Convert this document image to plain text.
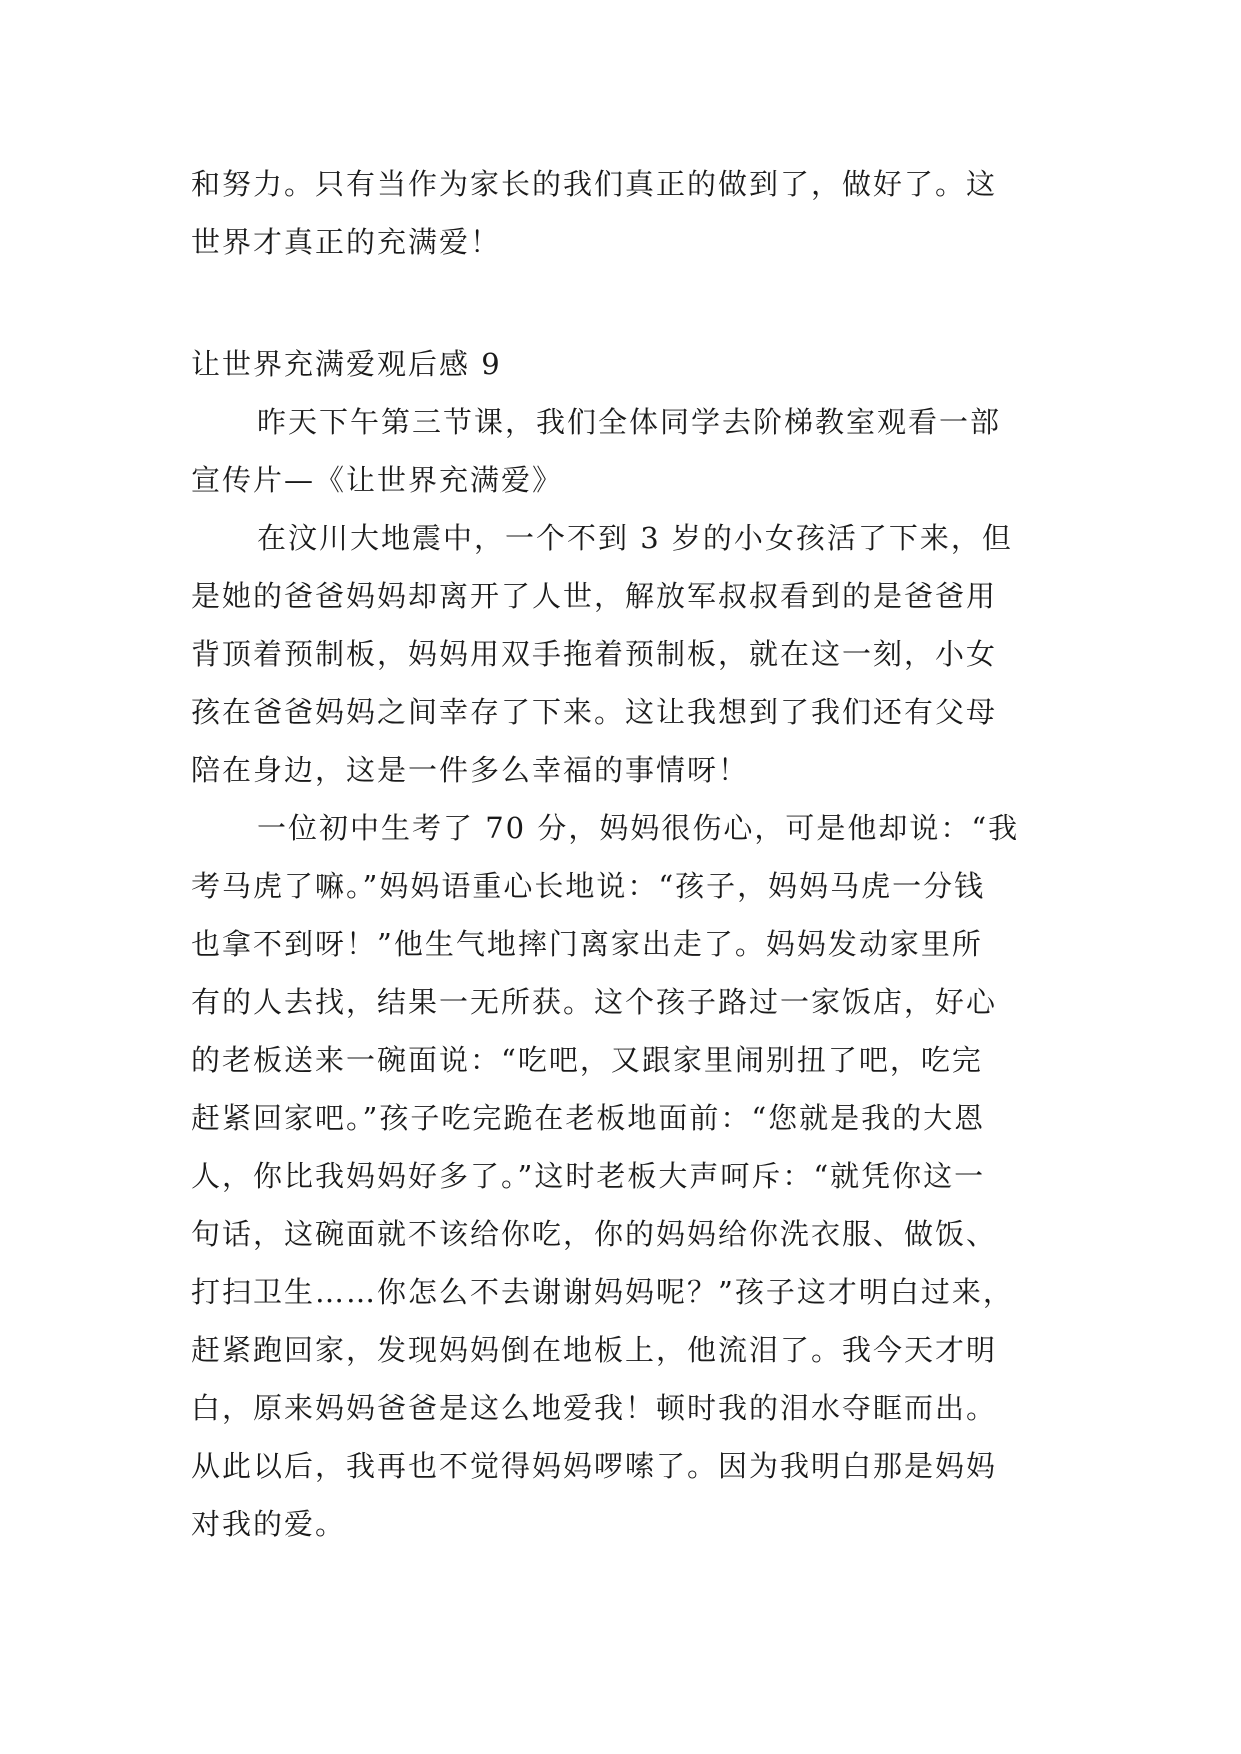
和努力。只有当作为家长的我们真正的做到了，做好了。这
世界才真正的充满爱！
让世界充满爱观后感 9
昨天下午第三节课，我们全体同学去阶梯教室观看一部
宣传片—《让世界充满爱》
在汶川大地震中，一个不到 3 岁的小女孩活了下来，但
是她的爸爸妈妈却离开了人世，解放军叔叔看到的是爸爸用
背顶着预制板，妈妈用双手拖着预制板，就在这一刻，小女
孩在爸爸妈妈之间幸存了下来。这让我想到了我们还有父母
陪在身边，这是一件多么幸福的事情呀！
一位初中生考了 70 分，妈妈很伤心，可是他却说：“我
考马虎了嘛。”妈妈语重心长地说：“孩子，妈妈马虎一分钱
也拿不到呀！”他生气地摔门离家出走了。妈妈发动家里所
有的人去找，结果一无所获。这个孩子路过一家饭店，好心
的老板送来一碗面说：“吃吧，又跟家里闹别扭了吧，吃完
赶紧回家吧。”孩子吃完跪在老板地面前：“您就是我的大恩
人，你比我妈妈好多了。”这时老板大声呵斥：“就凭你这一
句话，这碗面就不该给你吃，你的妈妈给你洗衣服、做饭、
打扫卫生……你怎么不去谢谢妈妈呢？”孩子这才明白过来，
赶紧跑回家，发现妈妈倒在地板上，他流泪了。我今天才明
白，原来妈妈爸爸是这么地爱我！顿时我的泪水夺眶而出。
从此以后，我再也不觉得妈妈啰嗦了。因为我明白那是妈妈
对我的爱。
